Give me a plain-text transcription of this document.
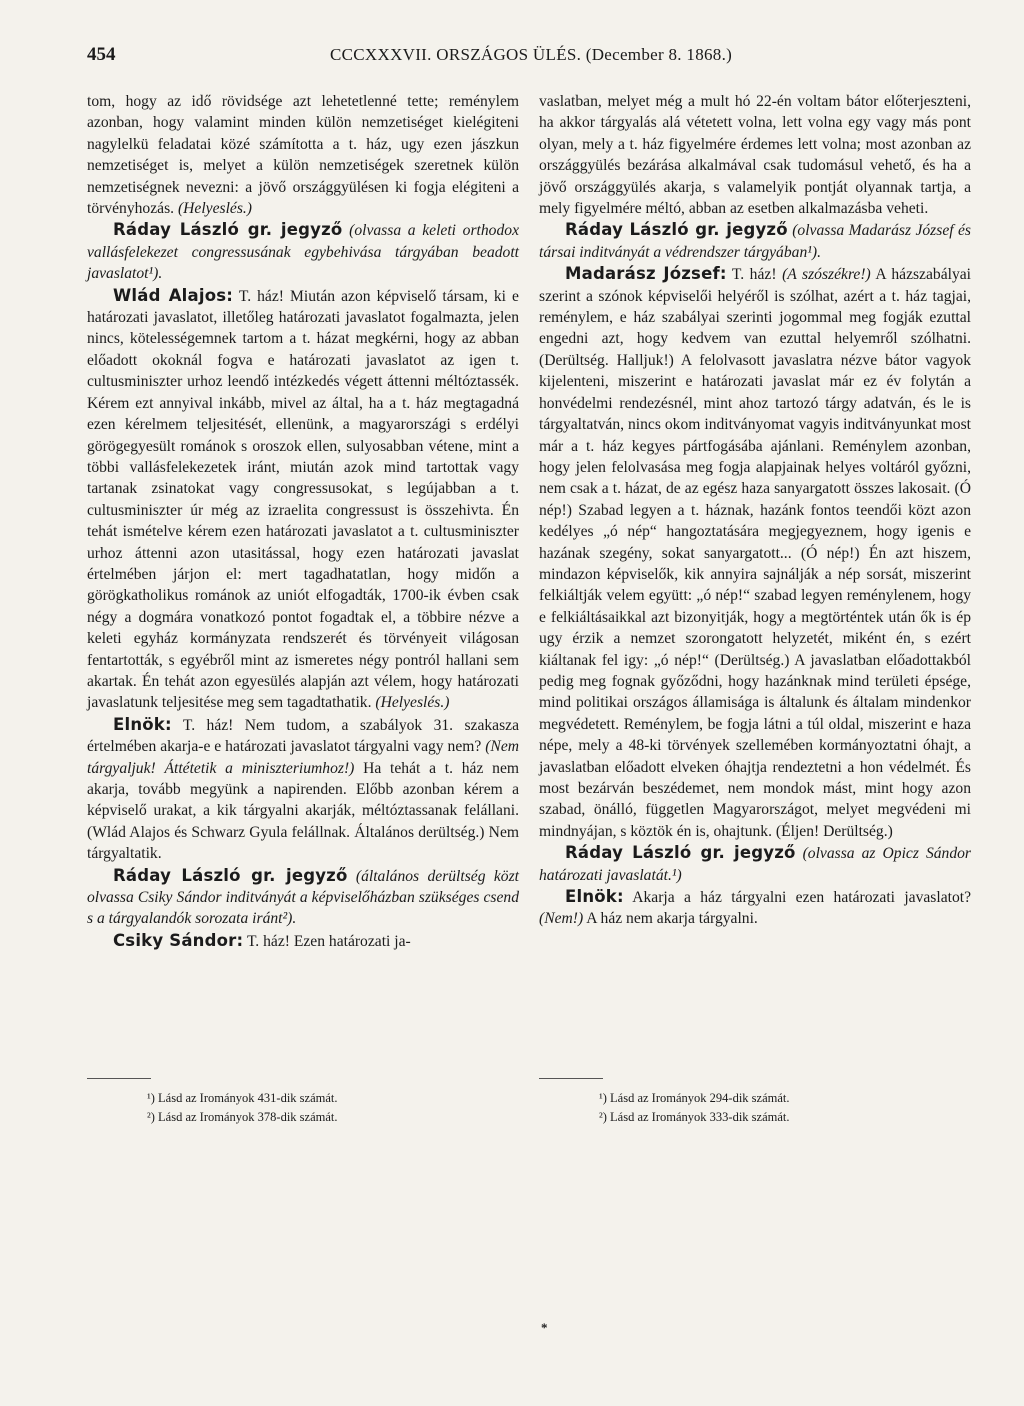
454	CCCXXXVII. ORSZÁGOS ÜLÉS. (December 8. 1868.)

tom, hogy az idő rövidsége azt lehetetlenné tette; reménylem azonban, hogy valamint minden külön nemzetiséget kielégiteni nagylelkü feladatai közé számította a t. ház, ugy ezen jászkun nemzetiséget is, melyet a külön nemzetiségek szeretnek külön nemzetiségnek nevezni: a jövő országgyülésen ki fogja elégiteni a törvényhozás. (Helyeslés.)

Ráday László gr. jegyző (olvassa a keleti orthodox vallásfelekezet congressusának egybehivása tárgyában beadott javaslatot¹).

Wlád Alajos: T. ház! Miután azon képviselő társam, ki e határozati javaslatot, illetőleg határozati javaslatot fogalmazta, jelen nincs, kötelességemnek tartom a t. házat megkérni, hogy az abban előadott okoknál fogva e határozati javaslatot az igen t. cultusminiszter urhoz leendő intézkedés végett áttenni méltóztassék. Kérem ezt annyival inkább, mivel az által, ha a t. ház megtagadná ezen kérelmem teljesitését, ellenünk, a magyarországi s erdélyi görögegyesült románok s oroszok ellen, sulyosabban vétene, mint a többi vallásfelekezetek iránt, miután azok mind tartottak vagy tartanak zsinatokat vagy congressusokat, s legújabban a t. cultusminiszter úr még az izraelita congressust is összehivta. Én tehát ismételve kérem ezen határozati javaslatot a t. cultusminiszter urhoz áttenni azon utasitással, hogy ezen határozati javaslat értelmében járjon el: mert tagadhatatlan, hogy midőn a görögkatholikus románok az uniót elfogadták, 1700-ik évben csak négy a dogmára vonatkozó pontot fogadtak el, a többire nézve a keleti egyház kormányzata rendszerét és törvényeit világosan fentartották, s egyébről mint az ismeretes négy pontról hallani sem akartak. Én tehát azon egyesülés alapján azt vélem, hogy határozati javaslatunk teljesitése meg sem tagadtathatik. (Helyeslés.)

Elnök: T. ház! Nem tudom, a szabályok 31. szakasza értelmében akarja-e e határozati javaslatot tárgyalni vagy nem? (Nem tárgyaljuk! Áttétetik a miniszteriumhoz!) Ha tehát a t. ház nem akarja, tovább megyünk a napirenden. Előbb azonban kérem a képviselő urakat, a kik tárgyalni akarják, méltóztassanak felállani. (Wlád Alajos és Schwarz Gyula felállnak. Általános derültség.) Nem tárgyaltatik.

Ráday László gr. jegyző (általános derültség közt olvassa Csiky Sándor inditványát a képviselőházban szükséges csend s a tárgyalandók sorozata iránt²).

Csiky Sándor: T. ház! Ezen határozati ja-

vaslatban, melyet még a mult hó 22-én voltam bátor előterjeszteni, ha akkor tárgyalás alá vétetett volna, lett volna egy vagy más pont olyan, mely a t. ház figyelmére érdemes lett volna; most azonban az országgyülés bezárása alkalmával csak tudomásul vehető, és ha a jövő országgyülés akarja, s valamelyik pontját olyannak tartja, a mely figyelmére méltó, abban az esetben alkalmazásba veheti.

Ráday László gr. jegyző (olvassa Madarász József és társai inditványát a védrendszer tárgyában¹).

Madarász József: T. ház! (A szószékre!) A házszabályai szerint a szónok képviselői helyéről is szólhat, azért a t. ház tagjai, reménylem, e ház szabályai szerinti jogommal meg fogják ezuttal engedni azt, hogy kedvem van ezuttal helyemről szólhatni. (Derültség. Halljuk!) A felolvasott javaslatra nézve bátor vagyok kijelenteni, miszerint e határozati javaslat már ez év folytán a honvédelmi rendezésnél, mint ahoz tartozó tárgy adatván, és le is tárgyaltatván, nincs okom inditványomat vagyis inditványunkat most már a t. ház kegyes pártfogásába ajánlani. Reménylem azonban, hogy jelen felolvasása meg fogja alapjainak helyes voltáról győzni, nem csak a t. házat, de az egész haza sanyargatott összes lakosait. (Ó nép!) Szabad legyen a t. háznak, hazánk fontos teendői közt azon kedélyes „ó nép“ hangoztatására megjegyeznem, hogy igenis e hazának szegény, sokat sanyargatott... (Ó nép!) Én azt hiszem, mindazon képviselők, kik annyira sajnálják a nép sorsát, miszerint felkiáltják velem együtt: „ó nép!“ szabad legyen reménylenem, hogy e felkiáltásaikkal azt bizonyitják, hogy a megtörténtek után ők is ép ugy érzik a nemzet szorongatott helyzetét, miként én, s ezért kiáltanak fel igy: „ó nép!“ (Derültség.) A javaslatban előadottakból pedig meg fognak győződni, hogy hazánknak mind területi épsége, mind politikai országos államisága is általunk és általam mindenkor megvédetett. Reménylem, be fogja látni a túl oldal, miszerint e haza népe, mely a 48-ki törvények szellemében kormányoztatni óhajt, a javaslatban előadott elveken óhajtja rendeztetni a hon védelmét. És most bezárván beszédemet, nem mondok mást, mint hogy azon szabad, önálló, független Magyarországot, melyet megvédeni mi mindnyájan, s köztök én is, ohajtunk. (Éljen! Derültség.)

Ráday László gr. jegyző (olvassa az Opicz Sándor határozati javaslatát.¹)

Elnök: Akarja a ház tárgyalni ezen határozati javaslatot? (Nem!) A ház nem akarja tárgyalni.

¹) Lásd az Irományok 431-dik számát.
²) Lásd az Irományok 378-dik számát.
¹) Lásd az Irományok 294-dik számát.
²) Lásd az Irományok 333-dik számát.
*
